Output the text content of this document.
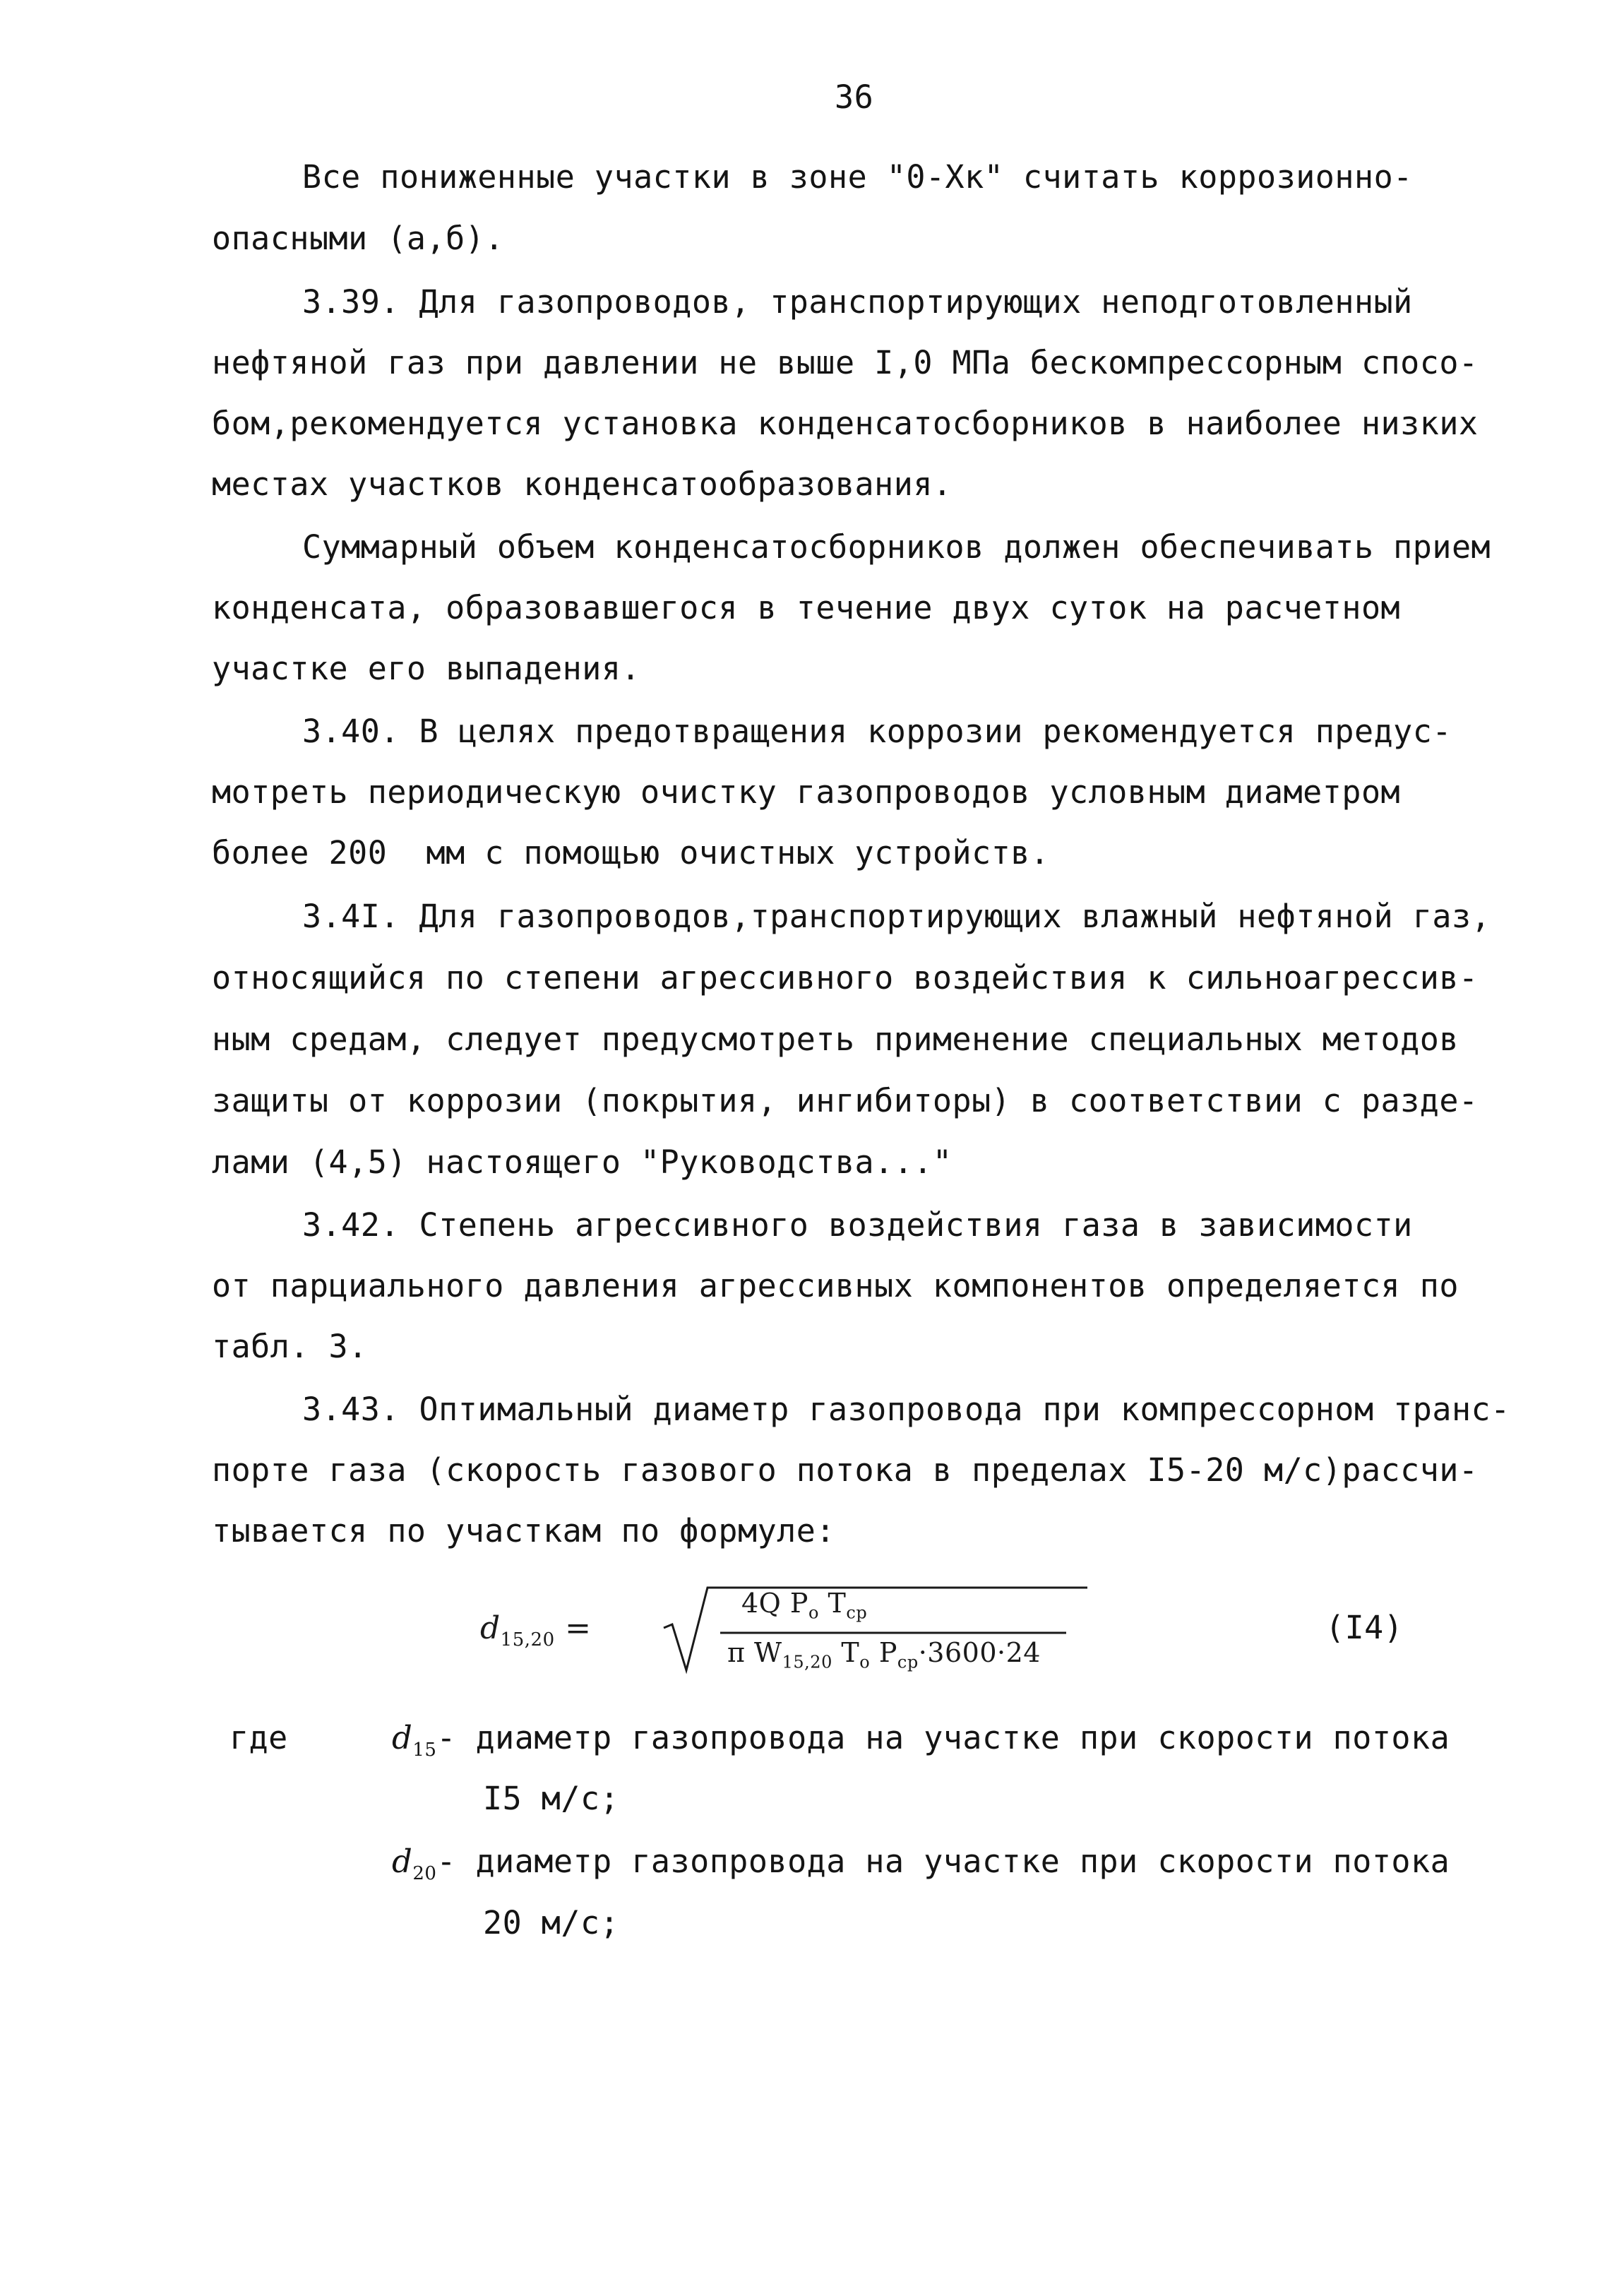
36
Все пониженные участки в зоне "0-Хк" считать коррозионно-
опасными (а,б).
3.39. Для газопроводов, транспортирующих неподготовленный
нефтяной газ при давлении не выше I,0 МПа бескомпрессорным спосо-
бом,рекомендуется установка конденсатосборников в наиболее низких
местах участков конденсатообразования.
Суммарный объем конденсатосборников должен обеспечивать прием
конденсата, образовавшегося в течение двух суток на расчетном
участке его выпадения.
3.40. В целях предотвращения коррозии рекомендуется предус-
мотреть периодическую очистку газопроводов условным диаметром
более 200  мм с помощью очистных устройств.
3.4I. Для газопроводов,транспортирующих влажный нефтяной газ,
относящийся по степени агрессивного воздействия к сильноагрессив-
ным средам, следует предусмотреть применение специальных методов
защиты от коррозии (покрытия, ингибиторы) в соответствии с разде-
лами (4,5) настоящего "Руководства..."
3.42. Степень агрессивного воздействия газа в зависимости
от парциального давления агрессивных компонентов определяется по
табл. 3.
3.43. Оптимальный диаметр газопровода при компрессорном транс-
порте газа (скорость газового потока в пределах I5-20 м/с)рассчи-
тывается по участкам по формуле:
$d_{15,20}$ =
4Q $P_o$ $T_{cp}$
π $W_{15,20}$ $T_o$ $P_{cp}\cdot 3600\cdot 24$
(I4)
где	$d_{15}-$ диаметр газопровода на участке при скорости потока
I5 м/с;
$d_{20}-$ диаметр газопровода на участке при скорости потока
20 м/с;
